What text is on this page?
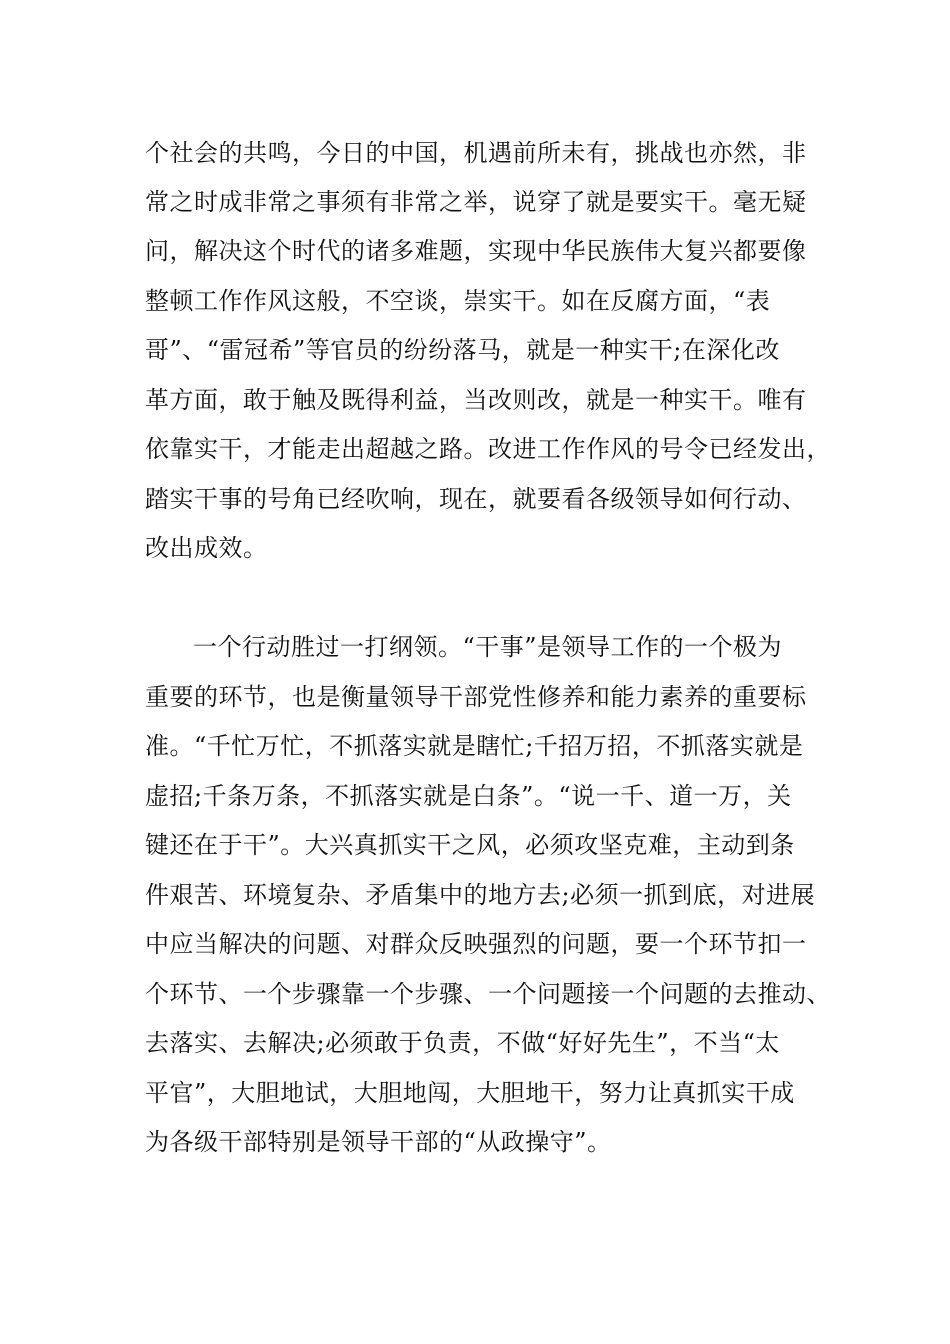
个社会的共鸣，今日的中国，机遇前所未有，挑战也亦然，非
常之时成非常之事须有非常之举，说穿了就是要实干。毫无疑
问，解决这个时代的诸多难题，实现中华民族伟大复兴都要像
整顿工作作风这般，不空谈，崇实干。如在反腐方面，“表
哥”、“雷冠希”等官员的纷纷落马，就是一种实干;在深化改
革方面，敢于触及既得利益，当改则改，就是一种实干。唯有
依靠实干，才能走出超越之路。改进工作作风的号令已经发出，
踏实干事的号角已经吹响，现在，就要看各级领导如何行动、
改出成效。
一个行动胜过一打纲领。“干事”是领导工作的一个极为
重要的环节，也是衡量领导干部党性修养和能力素养的重要标
准。“千忙万忙，不抓落实就是瞎忙;千招万招，不抓落实就是
虚招;千条万条，不抓落实就是白条”。“说一千、道一万，关
键还在于干”。大兴真抓实干之风，必须攻坚克难，主动到条
件艰苦、环境复杂、矛盾集中的地方去;必须一抓到底，对进展
中应当解决的问题、对群众反映强烈的问题，要一个环节扣一
个环节、一个步骤靠一个步骤、一个问题接一个问题的去推动、
去落实、去解决;必须敢于负责，不做“好好先生”，不当“太
平官”，大胆地试，大胆地闯，大胆地干，努力让真抓实干成
为各级干部特别是领导干部的“从政操守”。
